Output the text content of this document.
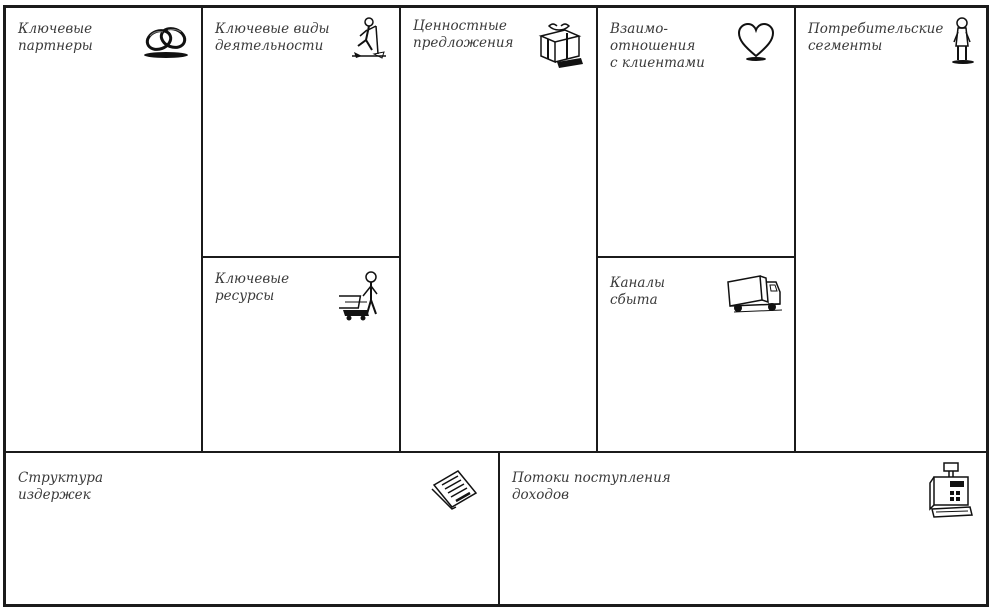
Ключевые
партнеры

Ключевые виды
деятельности

Ключевые
ресурсы

Ценностные
предложения

Взаимо-
отношения
с клиентами

Каналы
сбыта

Потребительские
сегменты

Структура
издержек

Потоки поступления
доходов
